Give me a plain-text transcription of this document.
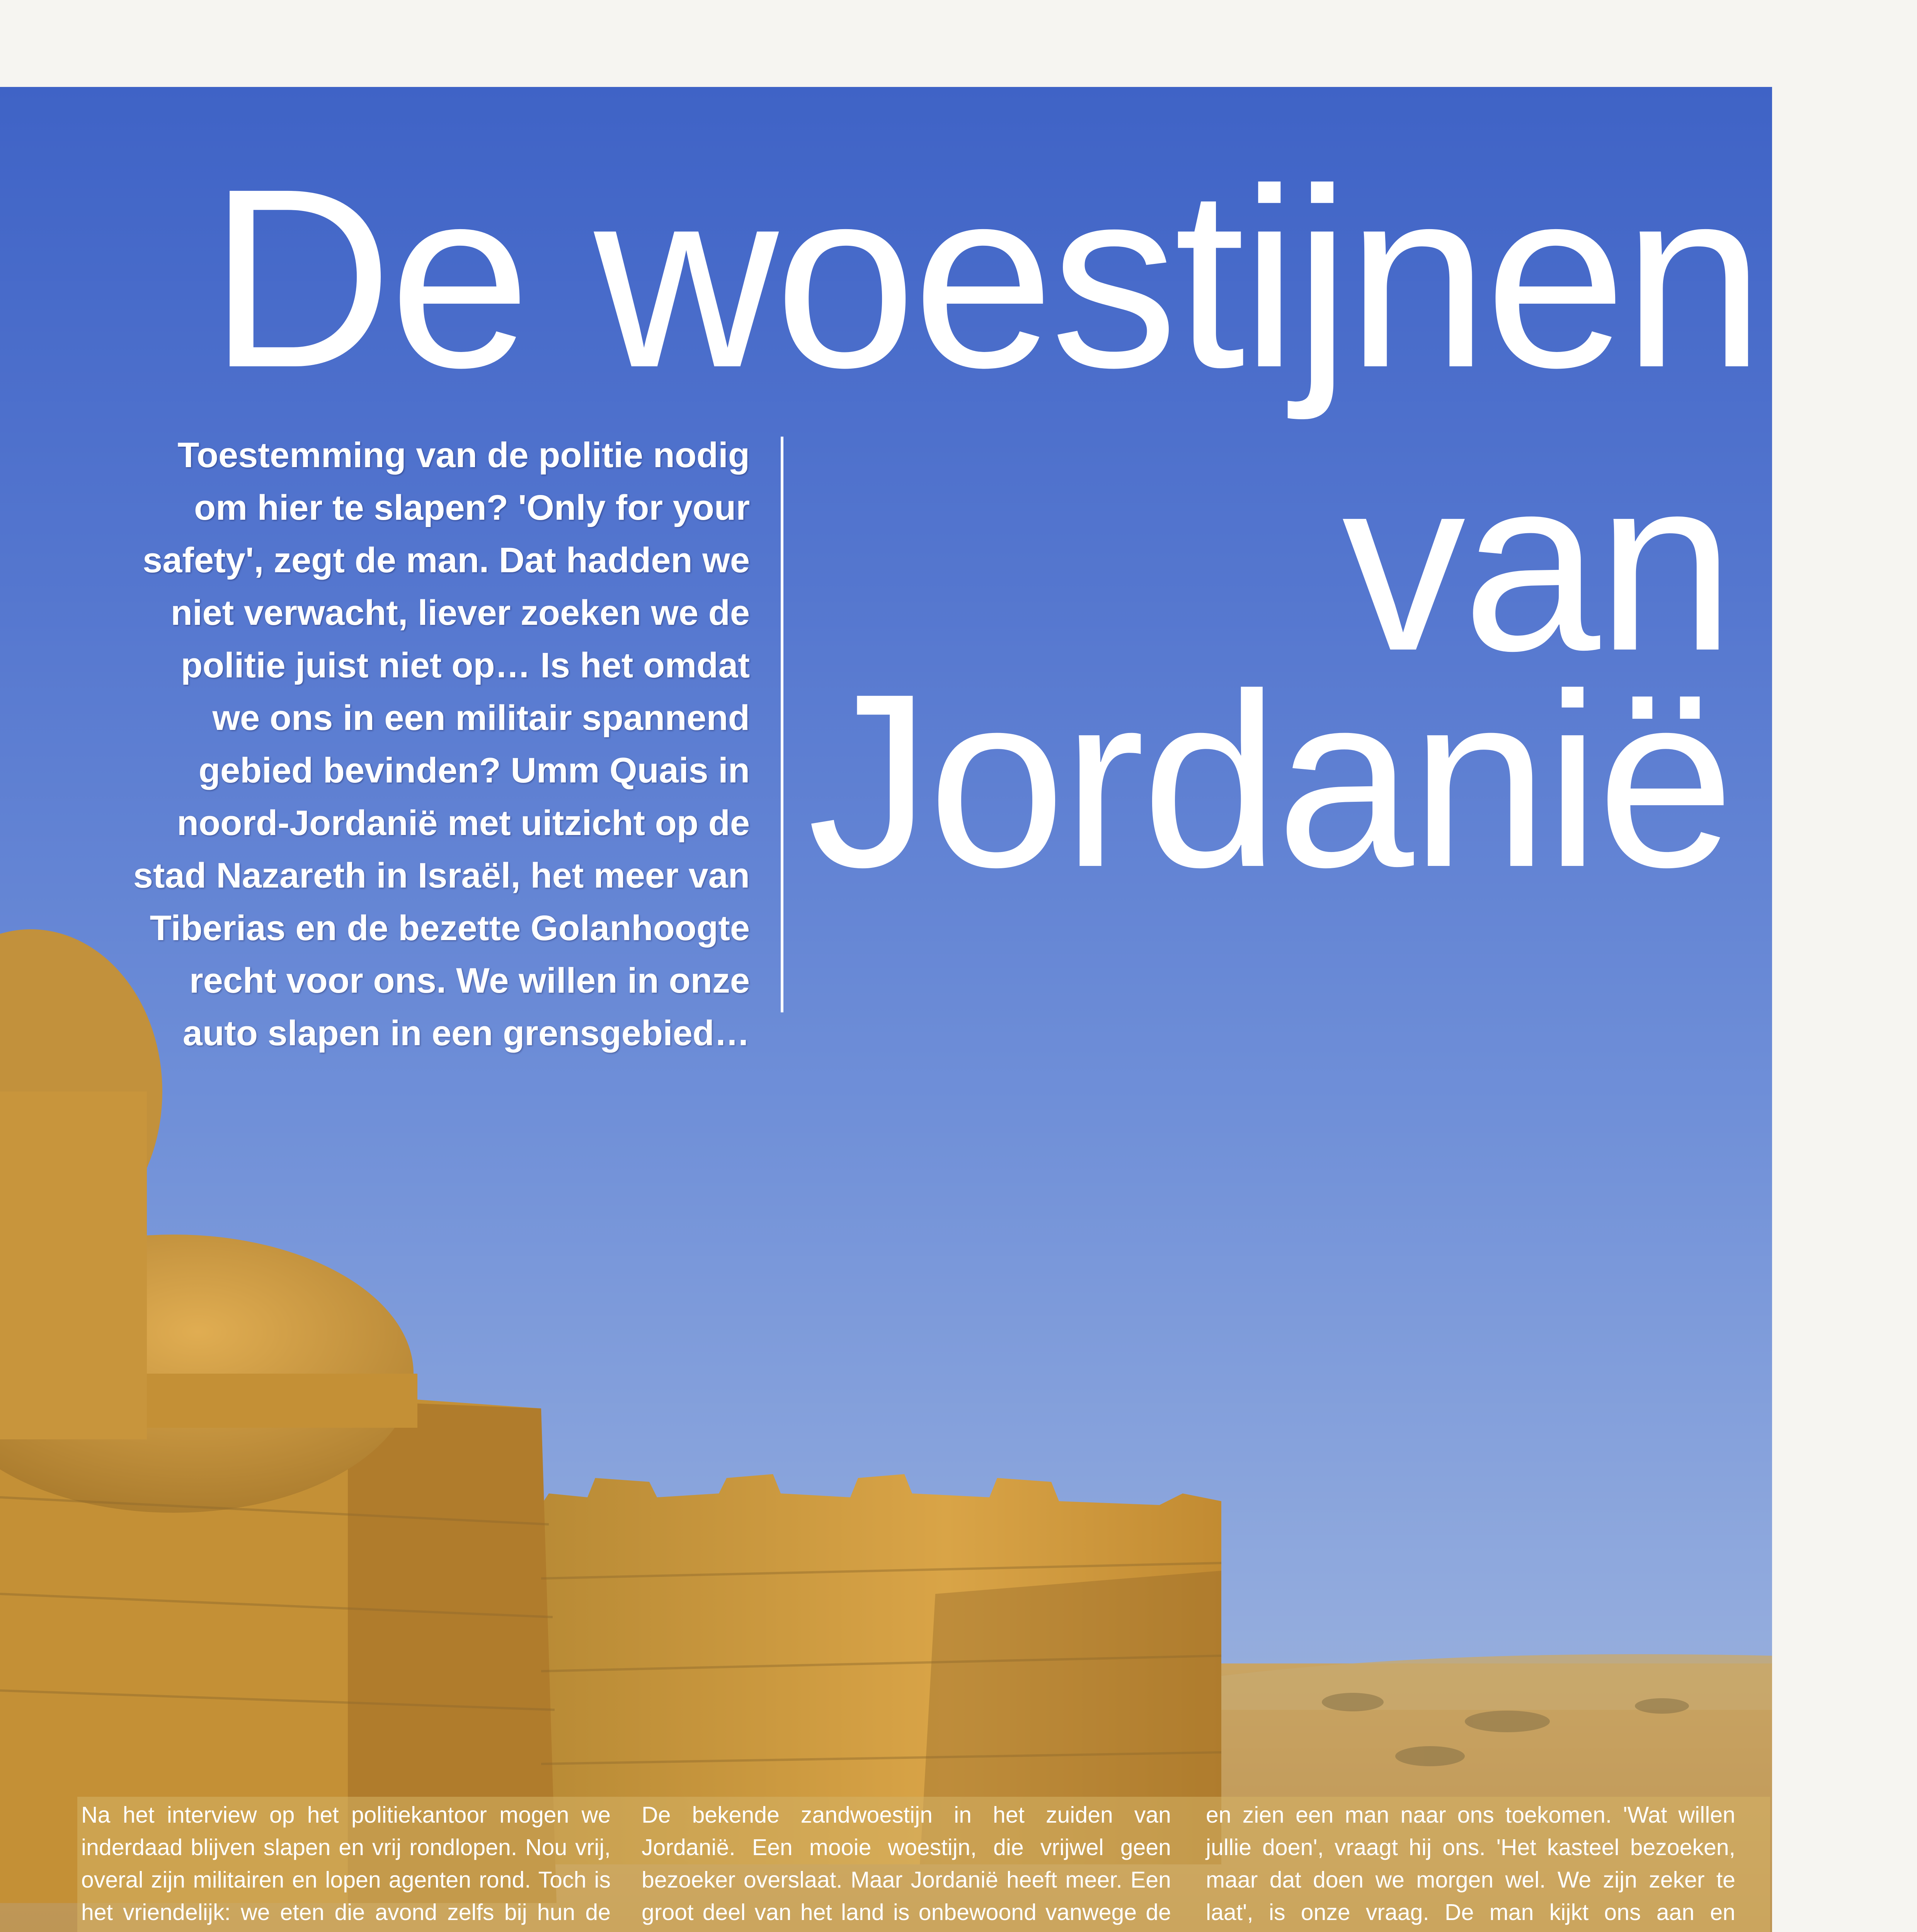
De woestijnen
van
Jordanië
Toestemming van de politie nodig om hier te slapen? 'Only for your safety', zegt de man. Dat hadden we niet verwacht, liever zoeken we de politie juist niet op… Is het omdat we ons in een militair spannend gebied bevinden? Umm Quais in noord-Jordanië met uitzicht op de stad Nazareth in Israël, het meer van Tiberias en de bezette Golanhoogte recht voor ons. We willen in onze auto slapen in een grensgebied…

Na het interview op het politiekantoor mogen we inderdaad blijven slapen en vrij rondlopen. Nou vrij, overal zijn militairen en lopen agenten rond. Toch is het vriendelijk: we eten die avond zelfs bij hun de

De bekende zandwoestijn in het zuiden van Jordanië. Een mooie woestijn, die vrijwel geen bezoeker overslaat. Maar Jordanië heeft meer. Een groot deel van het land is onbewoond vanwege de

en zien een man naar ons toekomen. 'Wat willen jullie doen', vraagt hij ons. 'Het kasteel bezoeken, maar dat doen we morgen wel. We zijn zeker te laat', is onze vraag. De man kijkt ons aan en
